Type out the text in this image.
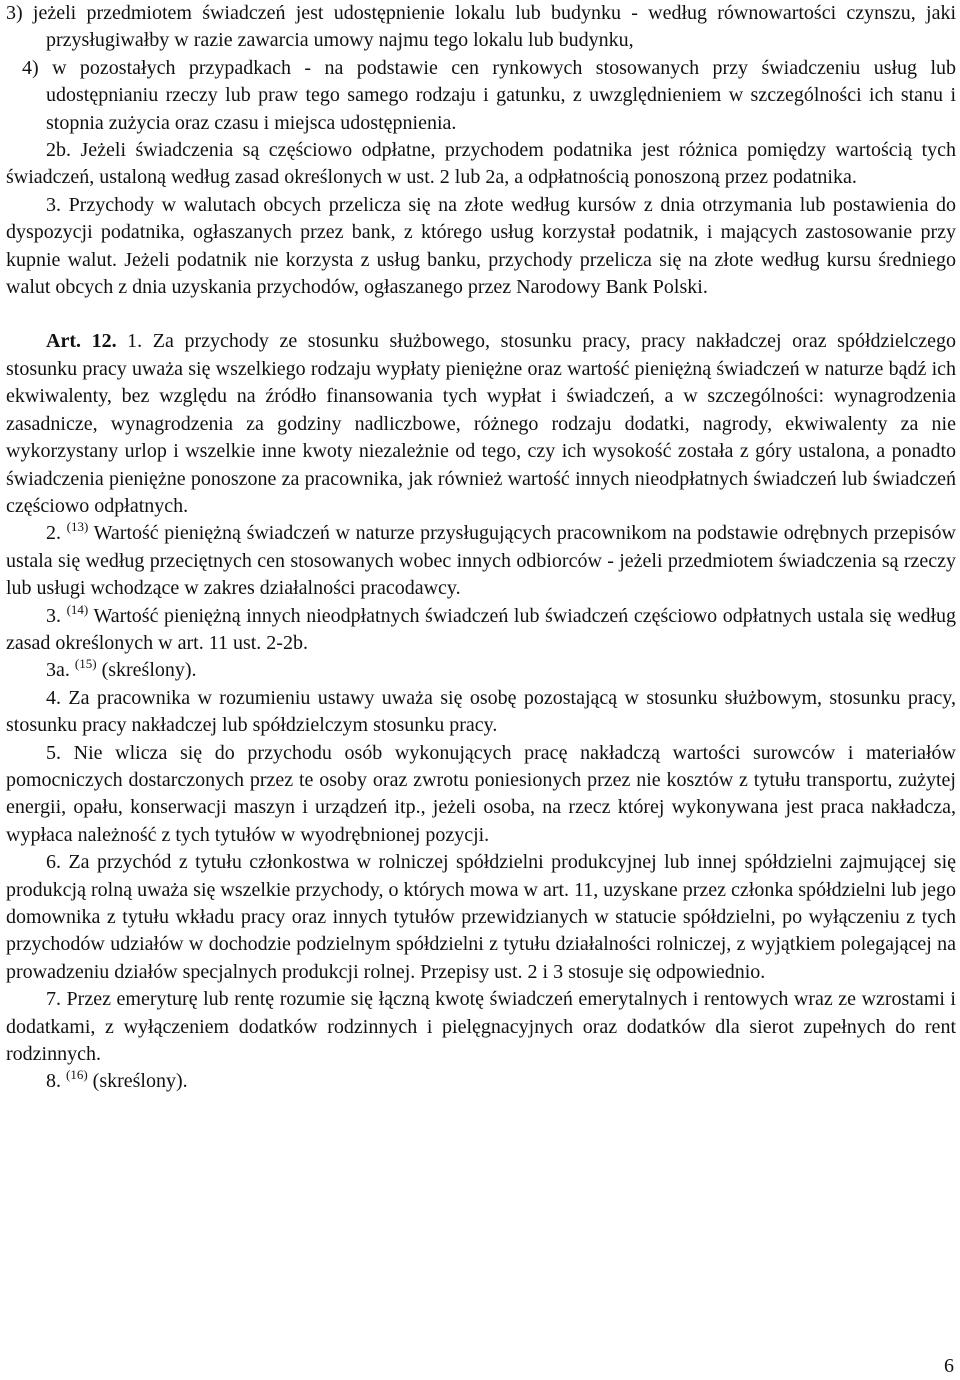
3) jeżeli przedmiotem świadczeń jest udostępnienie lokalu lub budynku - według równowartości czynszu, jaki przysługiwałby w razie zawarcia umowy najmu tego lokalu lub budynku,

4) w pozostałych przypadkach - na podstawie cen rynkowych stosowanych przy świadczeniu usług lub udostępnianiu rzeczy lub praw tego samego rodzaju i gatunku, z uwzględnieniem w szczególności ich stanu i stopnia zużycia oraz czasu i miejsca udostępnienia.

2b. Jeżeli świadczenia są częściowo odpłatne, przychodem podatnika jest różnica pomiędzy wartością tych świadczeń, ustaloną według zasad określonych w ust. 2 lub 2a, a odpłatnością ponoszoną przez podatnika.

3. Przychody w walutach obcych przelicza się na złote według kursów z dnia otrzymania lub postawienia do dyspozycji podatnika, ogłaszanych przez bank, z którego usług korzystał podatnik, i mających zastosowanie przy kupnie walut. Jeżeli podatnik nie korzysta z usług banku, przychody przelicza się na złote według kursu średniego walut obcych z dnia uzyskania przychodów, ogłaszanego przez Narodowy Bank Polski.

Art. 12. 1. Za przychody ze stosunku służbowego, stosunku pracy, pracy nakładczej oraz spółdzielczego stosunku pracy uważa się wszelkiego rodzaju wypłaty pieniężne oraz wartość pieniężną świadczeń w naturze bądź ich ekwiwalenty, bez względu na źródło finansowania tych wypłat i świadczeń, a w szczególności: wynagrodzenia zasadnicze, wynagrodzenia za godziny nadliczbowe, różnego rodzaju dodatki, nagrody, ekwiwalenty za nie wykorzystany urlop i wszelkie inne kwoty niezależnie od tego, czy ich wysokość została z góry ustalona, a ponadto świadczenia pieniężne ponoszone za pracownika, jak również wartość innych nieodpłatnych świadczeń lub świadczeń częściowo odpłatnych.

2. $^{(13)}$ Wartość pieniężną świadczeń w naturze przysługujących pracownikom na podstawie odrębnych przepisów ustala się według przeciętnych cen stosowanych wobec innych odbiorców - jeżeli przedmiotem świadczenia są rzeczy lub usługi wchodzące w zakres działalności pracodawcy.

3. $^{(14)}$ Wartość pieniężną innych nieodpłatnych świadczeń lub świadczeń częściowo odpłatnych ustala się według zasad określonych w art. 11 ust. 2-2b.

3a. $^{(15)}$ (skreślony).

4. Za pracownika w rozumieniu ustawy uważa się osobę pozostającą w stosunku służbowym, stosunku pracy, stosunku pracy nakładczej lub spółdzielczym stosunku pracy.

5. Nie wlicza się do przychodu osób wykonujących pracę nakładczą wartości surowców i materiałów pomocniczych dostarczonych przez te osoby oraz zwrotu poniesionych przez nie kosztów z tytułu transportu, zużytej energii, opału, konserwacji maszyn i urządzeń itp., jeżeli osoba, na rzecz której wykonywana jest praca nakładcza, wypłaca należność z tych tytułów w wyodrębnionej pozycji.

6. Za przychód z tytułu członkostwa w rolniczej spółdzielni produkcyjnej lub innej spółdzielni zajmującej się produkcją rolną uważa się wszelkie przychody, o których mowa w art. 11, uzyskane przez członka spółdzielni lub jego domownika z tytułu wkładu pracy oraz innych tytułów przewidzianych w statucie spółdzielni, po wyłączeniu z tych przychodów udziałów w dochodzie podzielnym spółdzielni z tytułu działalności rolniczej, z wyjątkiem polegającej na prowadzeniu działów specjalnych produkcji rolnej. Przepisy ust. 2 i 3 stosuje się odpowiednio.

7. Przez emeryturę lub rentę rozumie się łączną kwotę świadczeń emerytalnych i rentowych wraz ze wzrostami i dodatkami, z wyłączeniem dodatków rodzinnych i pielęgnacyjnych oraz dodatków dla sierot zupełnych do rent rodzinnych.

8. $^{(16)}$ (skreślony).

6
